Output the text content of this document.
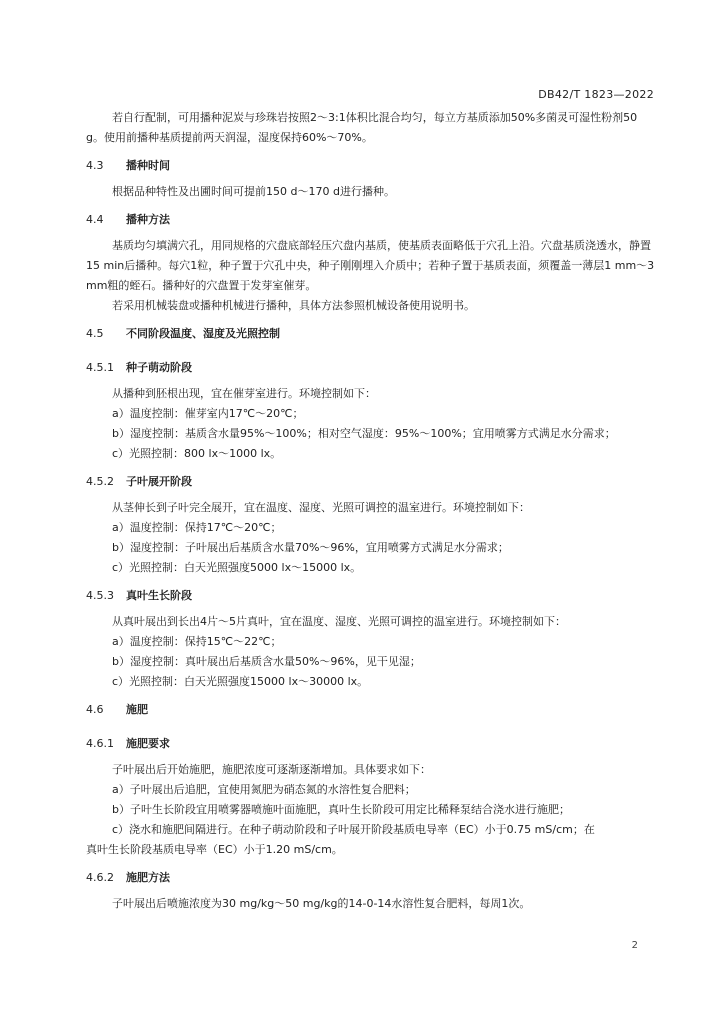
DB42/T 1823—2022

若自行配制，可用播种泥炭与珍珠岩按照2～3:1体积比混合均匀，每立方基质添加50%多菌灵可湿性粉剂50 g。使用前播种基质提前两天润湿，湿度保持60%～70%。

4.3 播种时间

根据品种特性及出圃时间可提前150 d～170 d进行播种。

4.4 播种方法

基质均匀填满穴孔，用同规格的穴盘底部轻压穴盘内基质，使基质表面略低于穴孔上沿。穴盘基质浇透水，静置15 min后播种。每穴1粒，种子置于穴孔中央，种子刚刚埋入介质中；若种子置于基质表面，须覆盖一薄层1 mm～3 mm粗的蛭石。播种好的穴盘置于发芽室催芽。

若采用机械装盘或播种机械进行播种，具体方法参照机械设备使用说明书。

4.5 不同阶段温度、湿度及光照控制
4.5.1 种子萌动阶段

从播种到胚根出现，宜在催芽室进行。环境控制如下：

a）温度控制：催芽室内17℃～20℃；

b）湿度控制：基质含水量95%～100%；相对空气湿度：95%～100%；宜用喷雾方式满足水分需求；

c）光照控制：800 lx～1000 lx。

4.5.2 子叶展开阶段

从茎伸长到子叶完全展开，宜在温度、湿度、光照可调控的温室进行。环境控制如下：

a）温度控制：保持17℃～20℃；

b）湿度控制：子叶展出后基质含水量70%～96%，宜用喷雾方式满足水分需求；

c）光照控制：白天光照强度5000 lx～15000 lx。

4.5.3 真叶生长阶段

从真叶展出到长出4片～5片真叶，宜在温度、湿度、光照可调控的温室进行。环境控制如下：

a）温度控制：保持15℃～22℃；

b）湿度控制：真叶展出后基质含水量50%～96%，见干见湿；

c）光照控制：白天光照强度15000 lx～30000 lx。

4.6 施肥
4.6.1 施肥要求

子叶展出后开始施肥，施肥浓度可逐渐逐渐增加。具体要求如下：

a）子叶展出后追肥，宜使用氮肥为硝态氮的水溶性复合肥料；

b）子叶生长阶段宜用喷雾器喷施叶面施肥，真叶生长阶段可用定比稀释泵结合浇水进行施肥；

c）浇水和施肥间隔进行。在种子萌动阶段和子叶展开阶段基质电导率（EC）小于0.75 mS/cm；在

真叶生长阶段基质电导率（EC）小于1.20 mS/cm。

4.6.2 施肥方法

子叶展出后喷施浓度为30 mg/kg～50 mg/kg的14-0-14水溶性复合肥料，每周1次。

2
